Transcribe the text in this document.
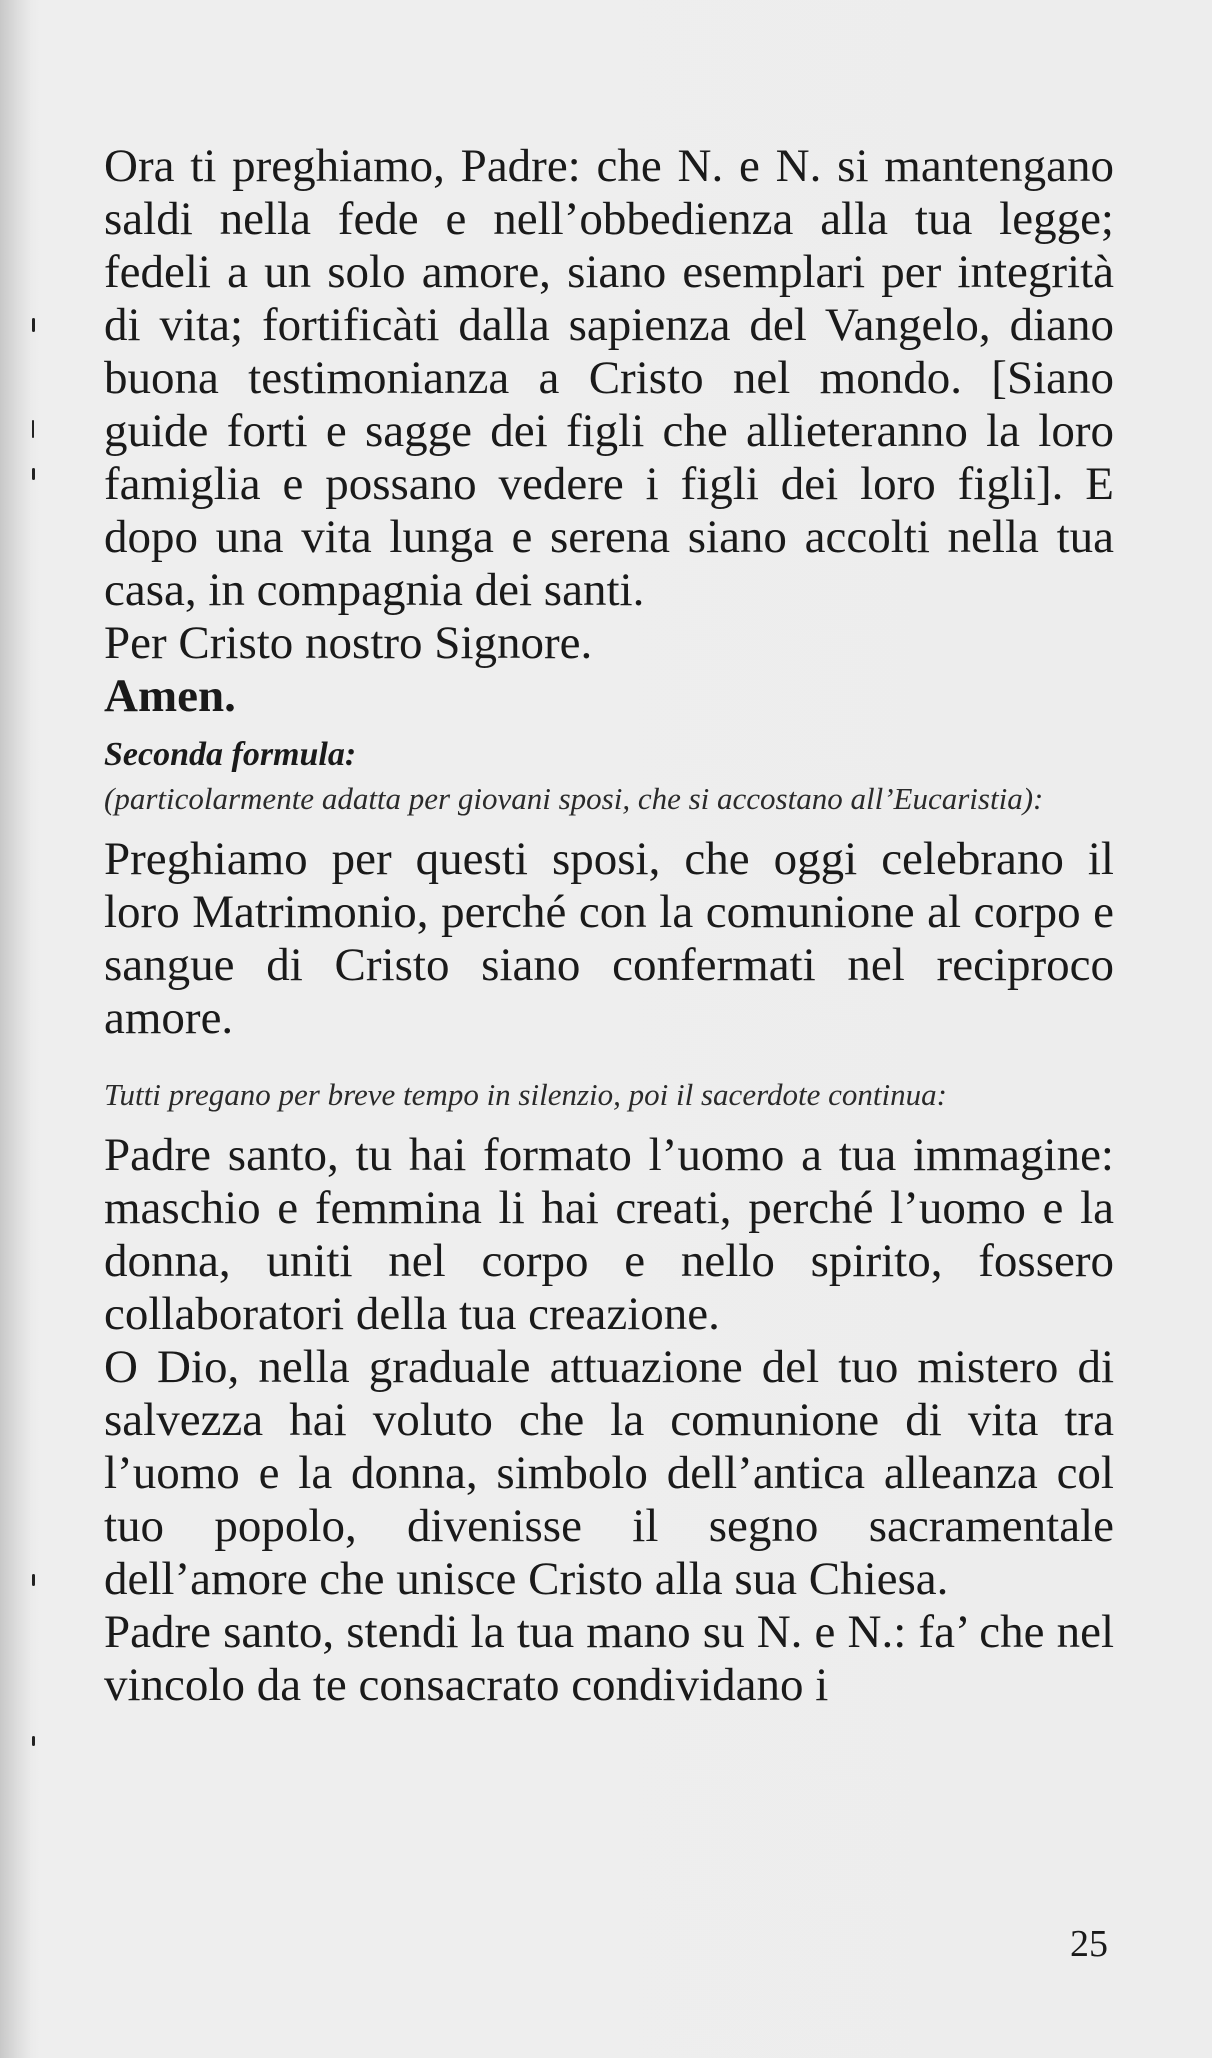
Ora ti preghiamo, Padre: che N. e N. si mantengano saldi nella fede e nell’obbedienza alla tua legge; fedeli a un solo amore, siano esemplari per integrità di vita; fortificàti dalla sapienza del Vangelo, diano buona testimonianza a Cristo nel mondo. [Siano guide forti e sagge dei figli che allieteranno la loro famiglia e possano vedere i figli dei loro figli]. E dopo una vita lunga e serena siano accolti nella tua casa, in compagnia dei santi.

Per Cristo nostro Signore.

Amen.

Seconda formula:

(particolarmente adatta per giovani sposi, che si accostano all’Eucaristia):

Preghiamo per questi sposi, che oggi celebrano il loro Matrimonio, perché con la comunione al corpo e sangue di Cristo siano confermati nel reciproco amore.

Tutti pregano per breve tempo in silenzio, poi il sacerdote continua:

Padre santo, tu hai formato l’uomo a tua immagine: maschio e femmina li hai creati, perché l’uomo e la donna, uniti nel corpo e nello spirito, fossero collaboratori della tua creazione.

O Dio, nella graduale attuazione del tuo mistero di salvezza hai voluto che la comunione di vita tra l’uomo e la donna, simbolo dell’antica alleanza col tuo popolo, divenisse il segno sacramentale dell’amore che unisce Cristo alla sua Chiesa.

Padre santo, stendi la tua mano su N. e N.: fa’ che nel vincolo da te consacrato condividano i

25
